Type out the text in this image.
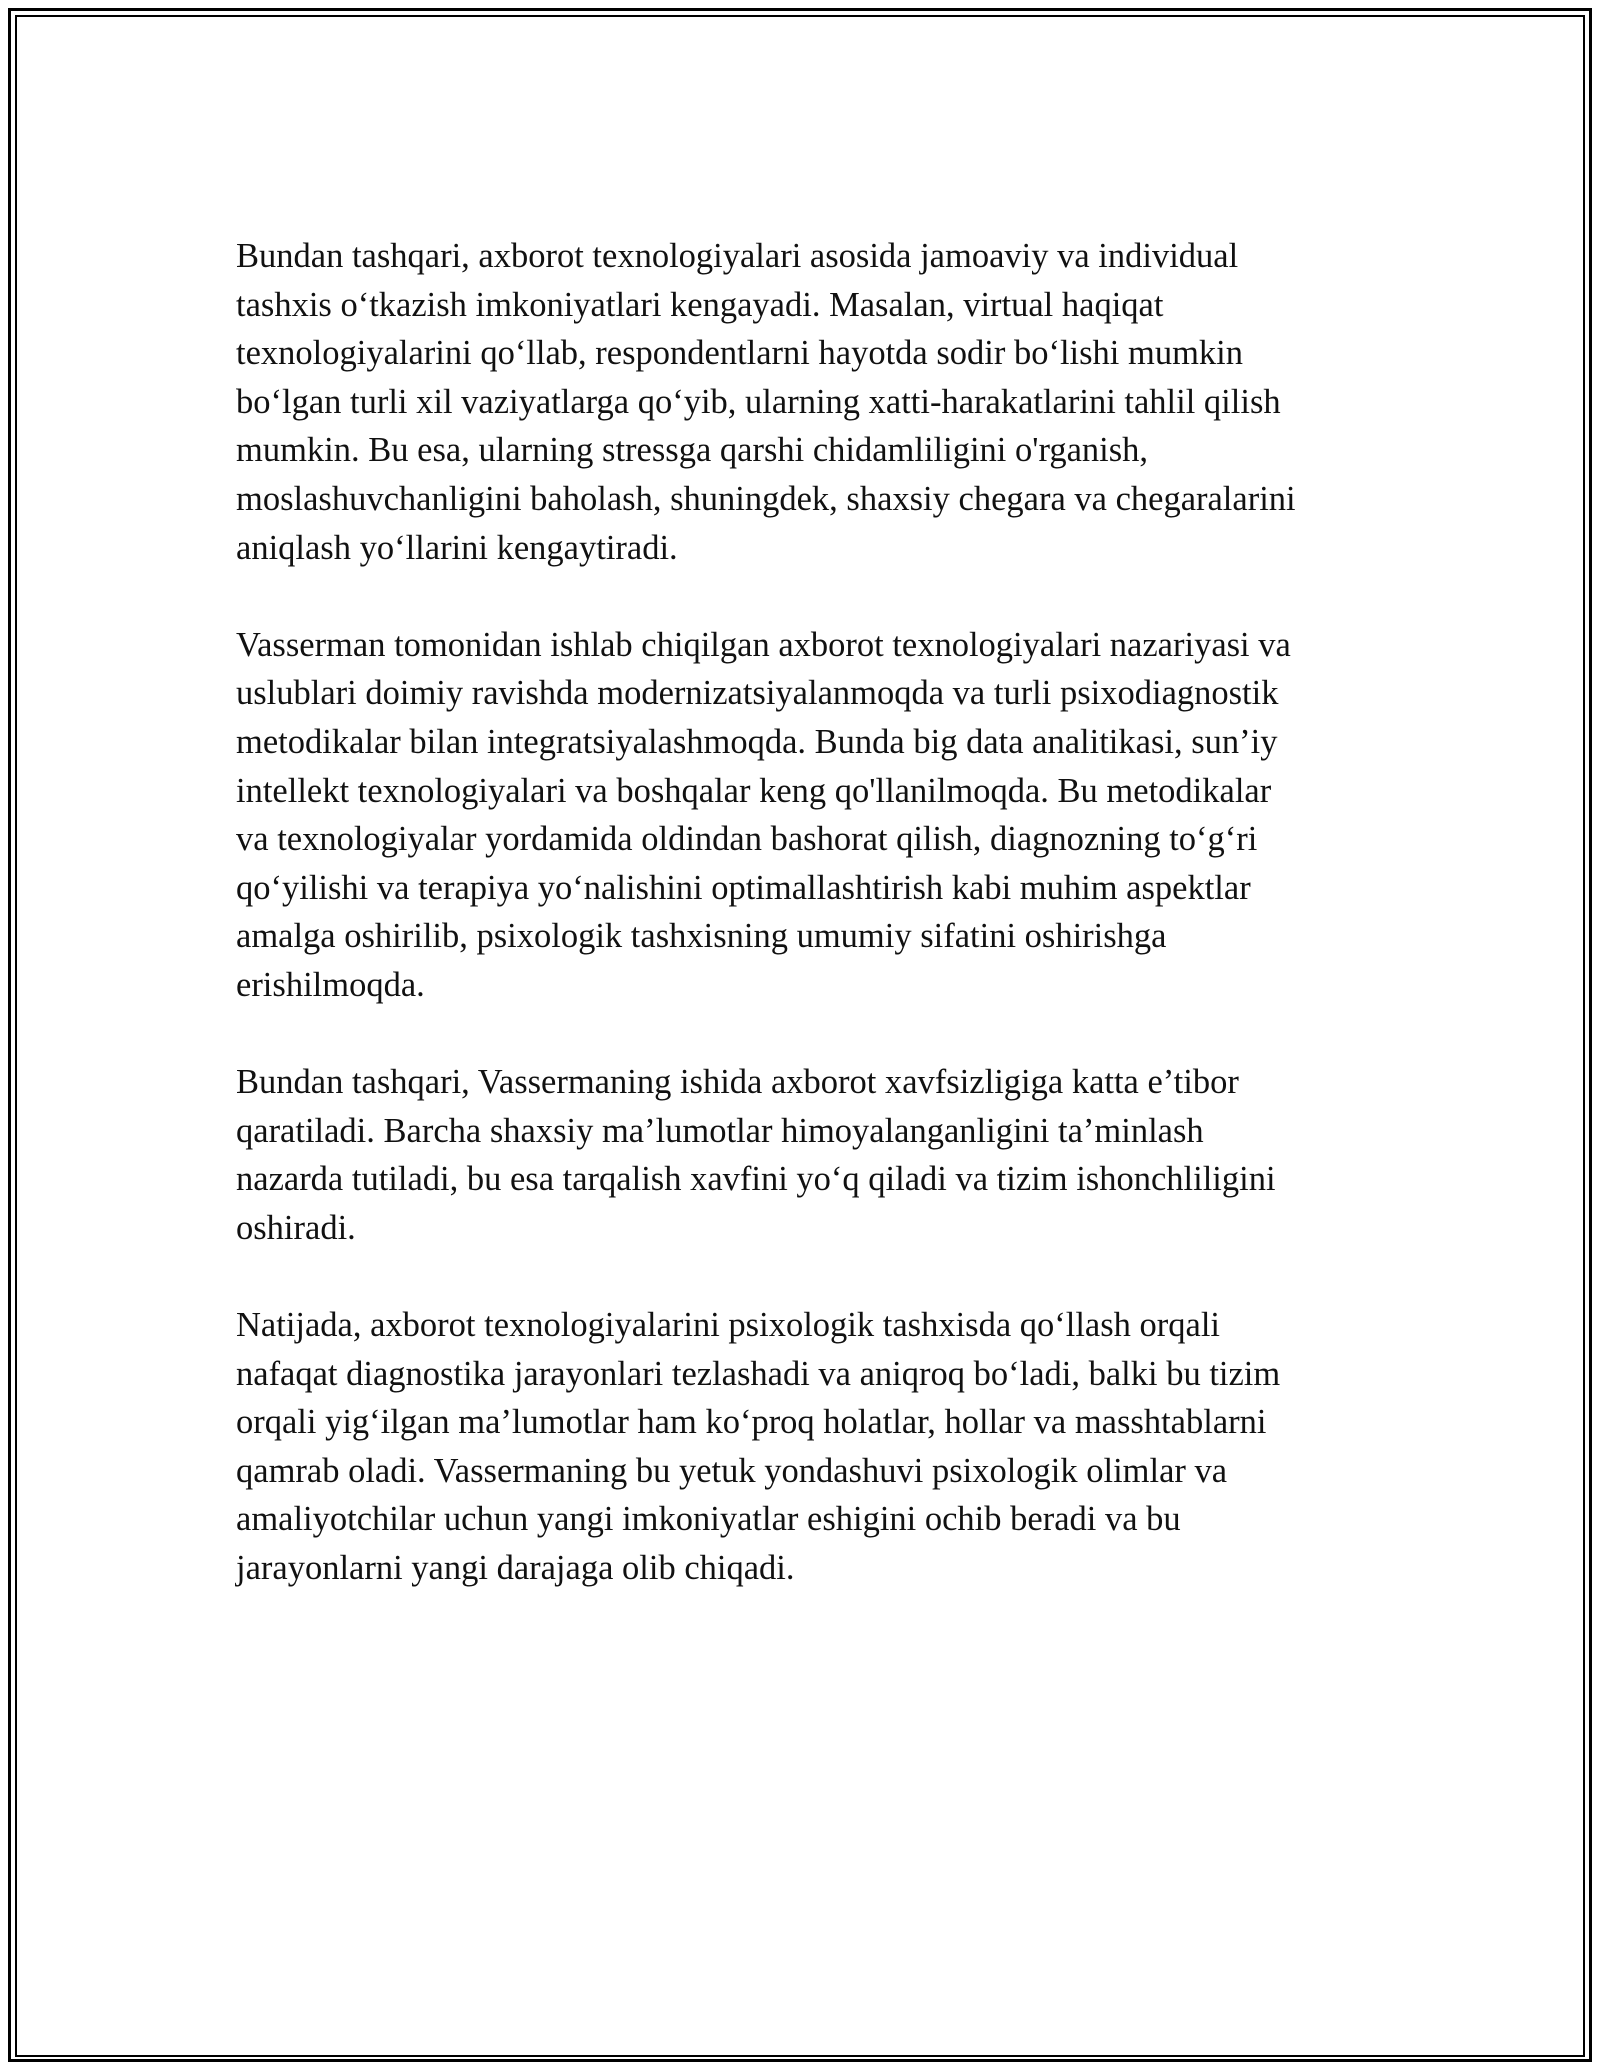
Bundan tashqari, axborot texnologiyalari asosida jamoaviy va individual
tashxis o‘tkazish imkoniyatlari kengayadi. Masalan, virtual haqiqat
texnologiyalarini qo‘llab, respondentlarni hayotda sodir bo‘lishi mumkin
bo‘lgan turli xil vaziyatlarga qo‘yib, ularning xatti-harakatlarini tahlil qilish
mumkin. Bu esa, ularning stressga qarshi chidamliligini o'rganish,
moslashuvchanligini baholash, shuningdek, shaxsiy chegara va chegaralarini
aniqlash yo‘llarini kengaytiradi.

Vasserman tomonidan ishlab chiqilgan axborot texnologiyalari nazariyasi va
uslublari doimiy ravishda modernizatsiyalanmoqda va turli psixodiagnostik
metodikalar bilan integratsiyalashmoqda. Bunda big data analitikasi, sun’iy
intellekt texnologiyalari va boshqalar keng qo'llanilmoqda. Bu metodikalar
va texnologiyalar yordamida oldindan bashorat qilish, diagnozning to‘g‘ri
qo‘yilishi va terapiya yo‘nalishini optimallashtirish kabi muhim aspektlar
amalga oshirilib, psixologik tashxisning umumiy sifatini oshirishga
erishilmoqda.

Bundan tashqari, Vassermaning ishida axborot xavfsizligiga katta e’tibor
qaratiladi. Barcha shaxsiy ma’lumotlar himoyalanganligini ta’minlash
nazarda tutiladi, bu esa tarqalish xavfini yo‘q qiladi va tizim ishonchliligini
oshiradi.

Natijada, axborot texnologiyalarini psixologik tashxisda qo‘llash orqali
nafaqat diagnostika jarayonlari tezlashadi va aniqroq bo‘ladi, balki bu tizim
orqali yig‘ilgan ma’lumotlar ham ko‘proq holatlar, hollar va masshtablarni
qamrab oladi. Vassermaning bu yetuk yondashuvi psixologik olimlar va
amaliyotchilar uchun yangi imkoniyatlar eshigini ochib beradi va bu
jarayonlarni yangi darajaga olib chiqadi.
